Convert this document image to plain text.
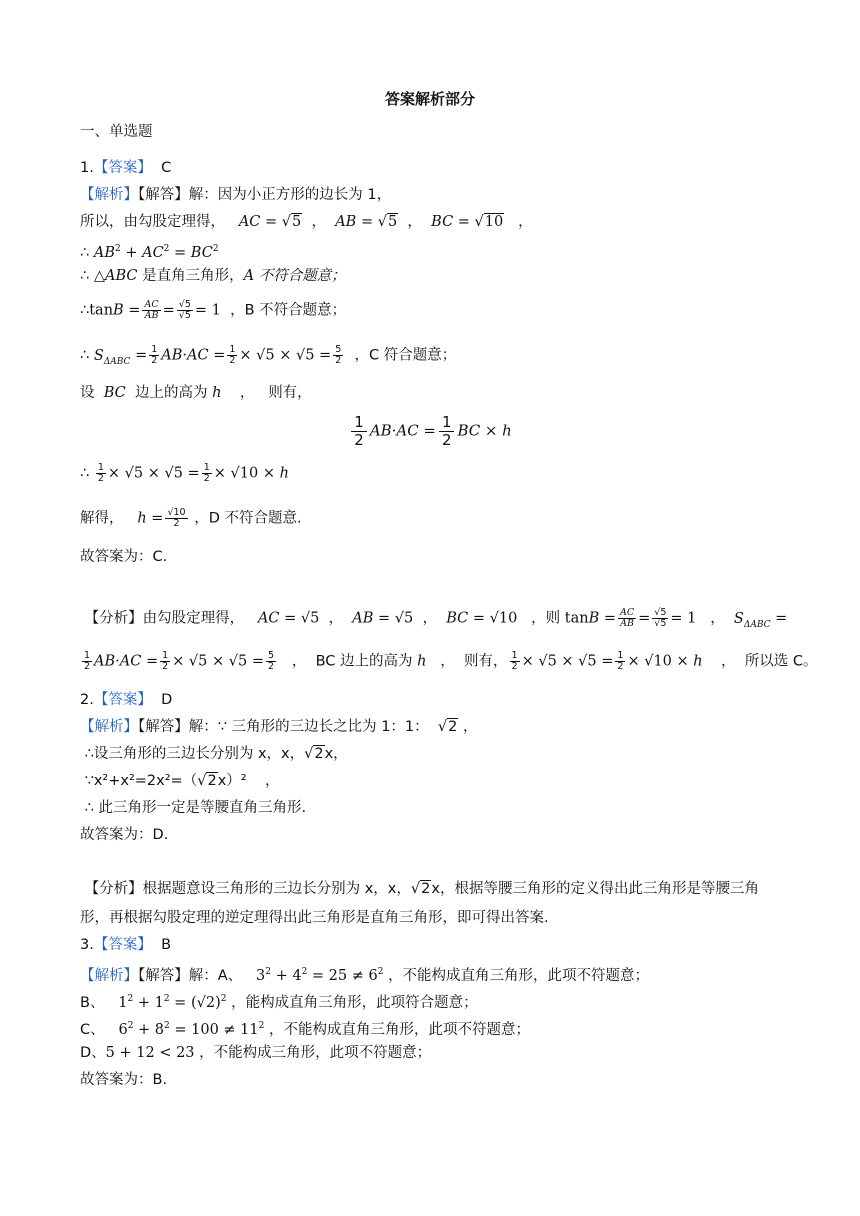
答案解析部分
一、单选题
1.【答案】 C
【解析】【解答】解：因为小正方形的边长为 1，
所以，由勾股定理得， AC = √5  ，  AB = √5  ，  BC = √10   ，
∴ $AB^2 + AC^2 = BC^2$
∴ △ABC 是直角三角形，A 不符合题意；
∴tanB = $\frac{AC}{AB} = \frac{√5}{√5} = 1$  ，B 不符合题意；
∴ $S_{\Delta ABC} = \frac{1}{2} AB\cdot AC = \frac{1}{2} \times √5 \times √5 = \frac{5}{2}$ ，C 符合题意；
设 BC 边上的高为 h    ，   则有，
$\frac{1}{2} AB\cdot AC = \frac{1}{2}$ BC × h
∴ $\frac{1}{2} \times √5 \times √5 = \frac{1}{2} \times √10 \times h$
解得， $h = \frac{√10}{2}$ ，D 不符合题意.
故答案为：C.
【分析】由勾股定理得， AC = √5  ，  AB = √5  ，  BC = √10 ，则 $\tan B = \frac{AC}{AB} = \frac{√5}{√5} = 1$   ，  $S_{\Delta ABC}$ =
$\frac{1}{2} AB\cdot AC = \frac{1}{2} \times √5 \times √5 = \frac{5}{2}$ ，  BC 边上的高为 h   ，  则有， $\frac{1}{2} \times √5 \times √5 = \frac{1}{2} \times √10 \times h$    ，  所以选 C。
2.【答案】 D
【解析】【解答】解：∵ 三角形的三边长之比为 1：1： √2 ，
∴设三角形的三边长分别为 x，x，√2x，
∵x²+x²=2x²=（√2x）²    ，
∴ 此三角形一定是等腰直角三角形.
故答案为：D.
【分析】根据题意设三角形的三边长分别为 x，x，√2x，根据等腰三角形的定义得出此三角形是等腰三角
形，再根据勾股定理的逆定理得出此三角形是直角三角形，即可得出答案.
3.【答案】 B
【解析】【解答】解：A、 $3^2 + 4^2 = 25 \ne 6^2$ ，不能构成直角三角形，此项不符题意；
B、 $1^2 + 1^2 = (√2)^2$ ，能构成直角三角形，此项符合题意；
C、 $6^2 + 8^2 = 100 \ne 11^2$ ，不能构成直角三角形，此项不符题意；
D、5 + 12 < 23 ，不能构成三角形，此项不符题意；
故答案为：B.
